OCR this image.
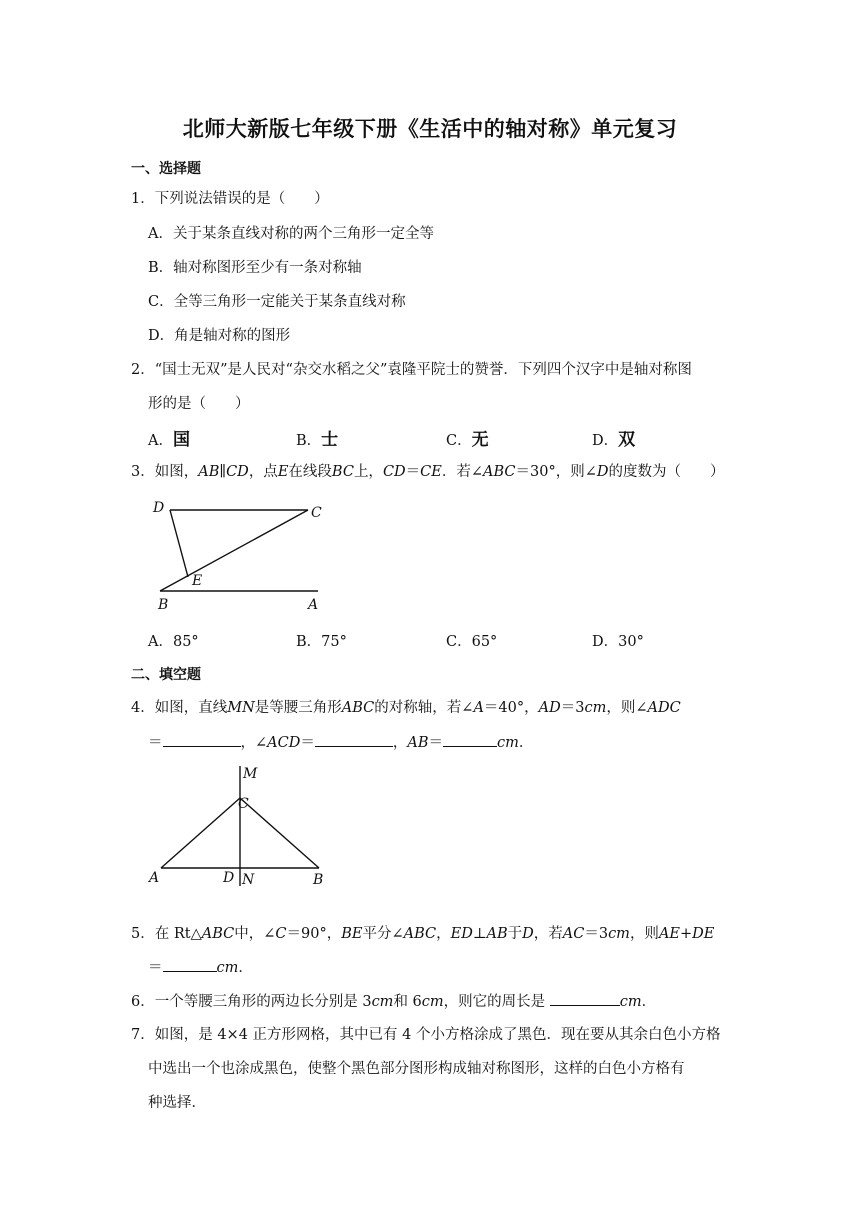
北师大新版七年级下册《生活中的轴对称》单元复习
一、选择题
1．下列说法错误的是（　　）
A．关于某条直线对称的两个三角形一定全等
B．轴对称图形至少有一条对称轴
C．全等三角形一定能关于某条直线对称
D．角是轴对称的图形
2．“国士无双”是人民对“杂交水稻之父”袁隆平院士的赞誉．下列四个汉字中是轴对称图
形的是（　　）
A．国	B．士	C．无	D．双
3．如图，AB∥CD，点E在线段BC上，CD＝CE．若∠ABC＝30°，则∠D的度数为（　　）
D	C
E
B	A
A．85°	B．75°	C．65°	D．30°
二、填空题
4．如图，直线MN是等腰三角形ABC的对称轴，若∠A＝40°，AD＝3cm，则∠ADC
＝	，∠ACD＝	，AB＝	cm．
M
C
A	D	B
N
5．在 Rt△ABC中，∠C＝90°，BE平分∠ABC，ED⊥AB于D，若AC＝3cm，则AE+DE
＝	cm．
6．一个等腰三角形的两边长分别是 3cm和 6cm，则它的周长是	cm．
7．如图，是 4×4 正方形网格，其中已有 4 个小方格涂成了黑色．现在要从其余白色小方格
中选出一个也涂成黑色，使整个黑色部分图形构成轴对称图形，这样的白色小方格有
种选择．
